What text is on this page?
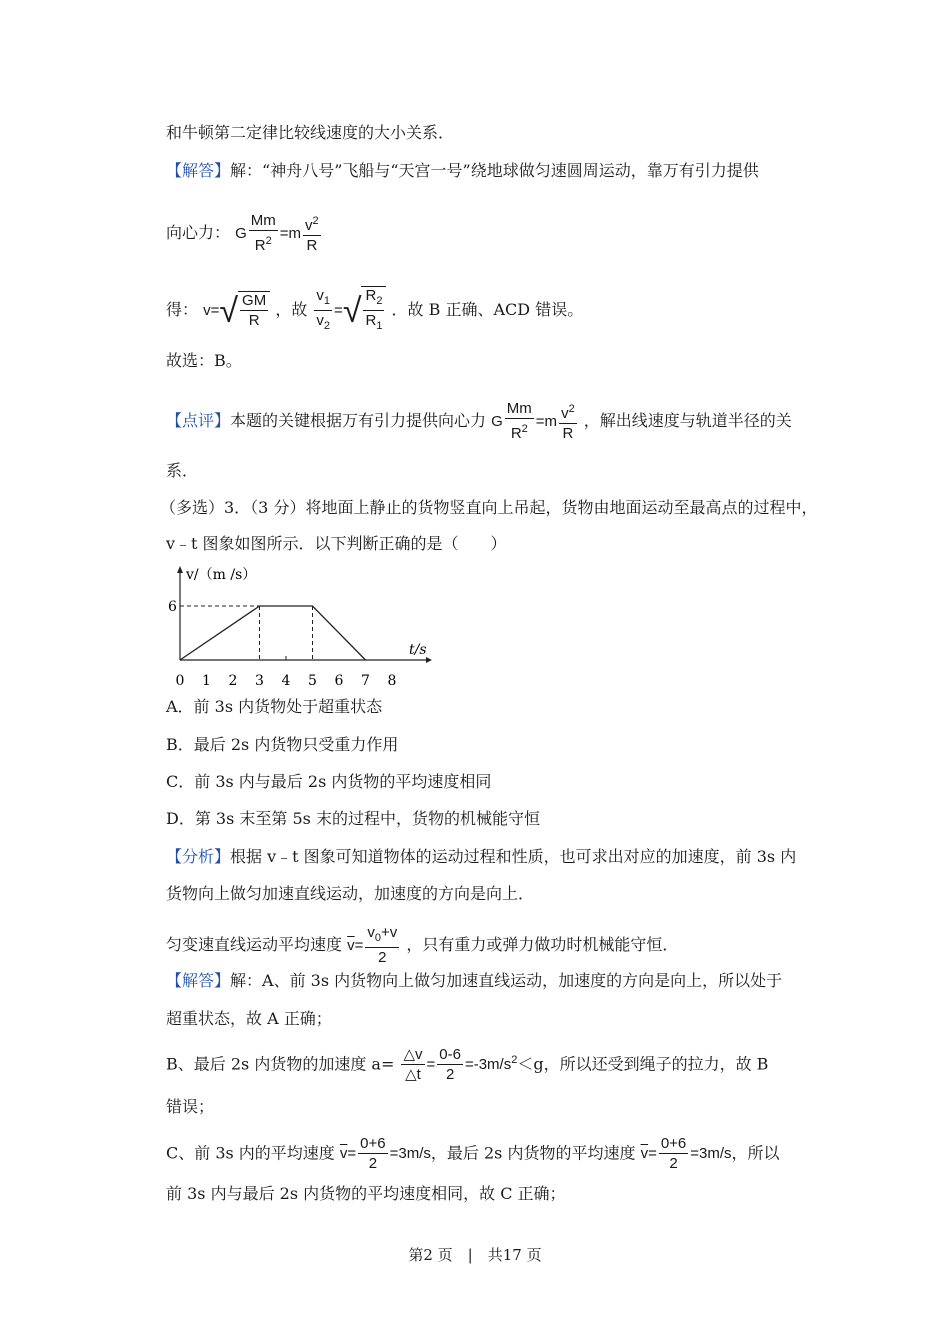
和牛顿第二定律比较线速度的大小关系．
【解答】解：“神舟八号”飞船与“天宫一号”绕地球做匀速圆周运动，靠万有引力提供
向心力： G $\frac{Mm}{R^2} =m \frac{v^2}{R}$
得： v= √ $\frac{GM}{R}$ ，故 $\frac{v_1}{v_2}$ = √ $\frac{R_2}{R_1}$ ．故 B 正确、ACD 错误。
故选：B。
【点评】本题的关键根据万有引力提供向心力 G $\frac{Mm}{R^2} =m \frac{v^2}{R}$ ，解出线速度与轨道半径的关
系．
（多选）3．（3 分）将地面上静止的货物竖直向上吊起，货物由地面运动至最高点的过程中，
v﹣t 图象如图所示．以下判断正确的是（　　）
0 1 2 3 4 5 6 7 8
6
v/（m /s）
t/s
A．前 3s 内货物处于超重状态
B．最后 2s 内货物只受重力作用
C．前 3s 内与最后 2s 内货物的平均速度相同
D．第 3s 末至第 5s 末的过程中，货物的机械能守恒
【分析】根据 v﹣t 图象可知道物体的运动过程和性质，也可求出对应的加速度，前 3s 内
货物向上做匀加速直线运动，加速度的方向是向上．
匀变速直线运动平均速度 $\overline{v}= \frac{v_0+v}{2}$ ，只有重力或弹力做功时机械能守恒．
【解答】解：A、前 3s 内货物向上做匀加速直线运动，加速度的方向是向上，所以处于
超重状态，故 A 正确；
B、最后 2s 内货物的加速度 $a= \frac{\triangle v}{\triangle t} = \frac{0-6}{2} =-3m/s^2<g$，所以还受到绳子的拉力，故 B
错误；
C、前 3s 内的平均速度 $\overline{v}= \frac{0+6}{2} =3m/s$，最后 2s 内货物的平均速度 $\overline{v}= \frac{0+6}{2} =3m/s$，所以
前 3s 内与最后 2s 内货物的平均速度相同，故 C 正确；
第2 页　|　共17 页
